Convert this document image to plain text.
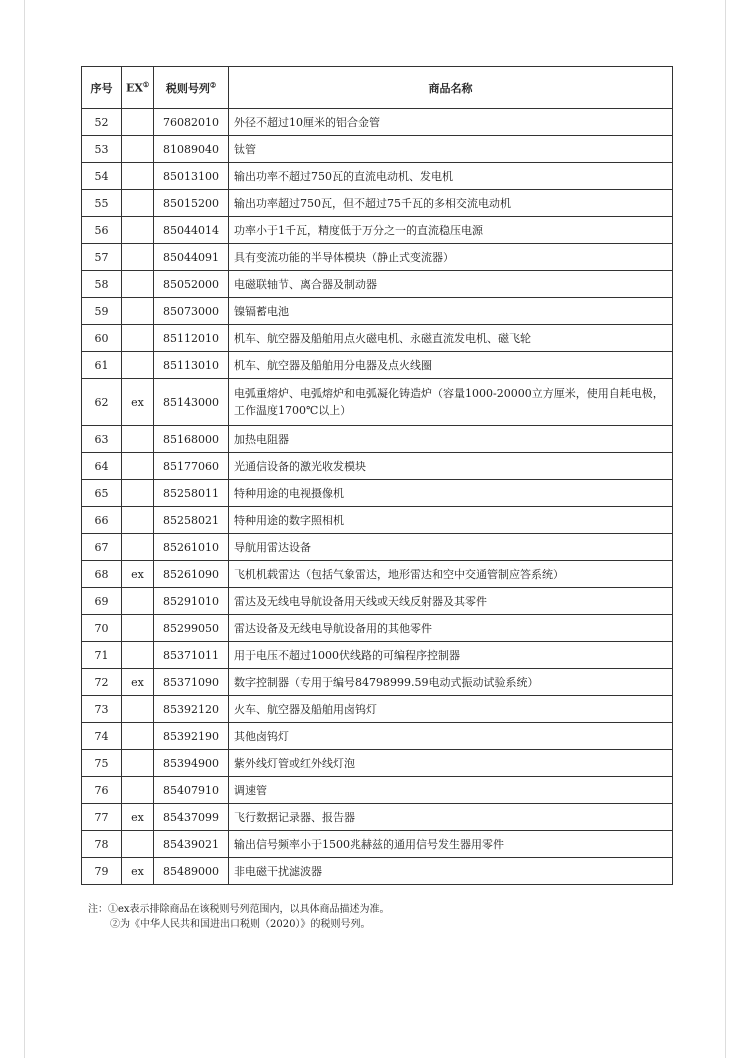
序号	EX①	税则号列②	商品名称
52		76082010	外径不超过10厘米的铝合金管
53		81089040	钛管
54		85013100	输出功率不超过750瓦的直流电动机、发电机
55		85015200	输出功率超过750瓦，但不超过75千瓦的多相交流电动机
56		85044014	功率小于1千瓦，精度低于万分之一的直流稳压电源
57		85044091	具有变流功能的半导体模块（静止式变流器）
58		85052000	电磁联轴节、离合器及制动器
59		85073000	镍镉蓄电池
60		85112010	机车、航空器及船舶用点火磁电机、永磁直流发电机、磁飞轮
61		85113010	机车、航空器及船舶用分电器及点火线圈
62	ex	85143000	电弧重熔炉、电弧熔炉和电弧凝化铸造炉（容量1000-20000立方厘米，使用自耗电极，工作温度1700℃以上）
63		85168000	加热电阻器
64		85177060	光通信设备的激光收发模块
65		85258011	特种用途的电视摄像机
66		85258021	特种用途的数字照相机
67		85261010	导航用雷达设备
68	ex	85261090	飞机机载雷达（包括气象雷达，地形雷达和空中交通管制应答系统）
69		85291010	雷达及无线电导航设备用天线或天线反射器及其零件
70		85299050	雷达设备及无线电导航设备用的其他零件
71		85371011	用于电压不超过1000伏线路的可编程序控制器
72	ex	85371090	数字控制器（专用于编号84798999.59电动式振动试验系统）
73		85392120	火车、航空器及船舶用卤钨灯
74		85392190	其他卤钨灯
75		85394900	紫外线灯管或红外线灯泡
76		85407910	调速管
77	ex	85437099	飞行数据记录器、报告器
78		85439021	输出信号频率小于1500兆赫兹的通用信号发生器用零件
79	ex	85489000	非电磁干扰滤波器
注：①ex表示排除商品在该税则号列范围内，以具体商品描述为准。
②为《中华人民共和国进出口税则（2020）》的税则号列。
